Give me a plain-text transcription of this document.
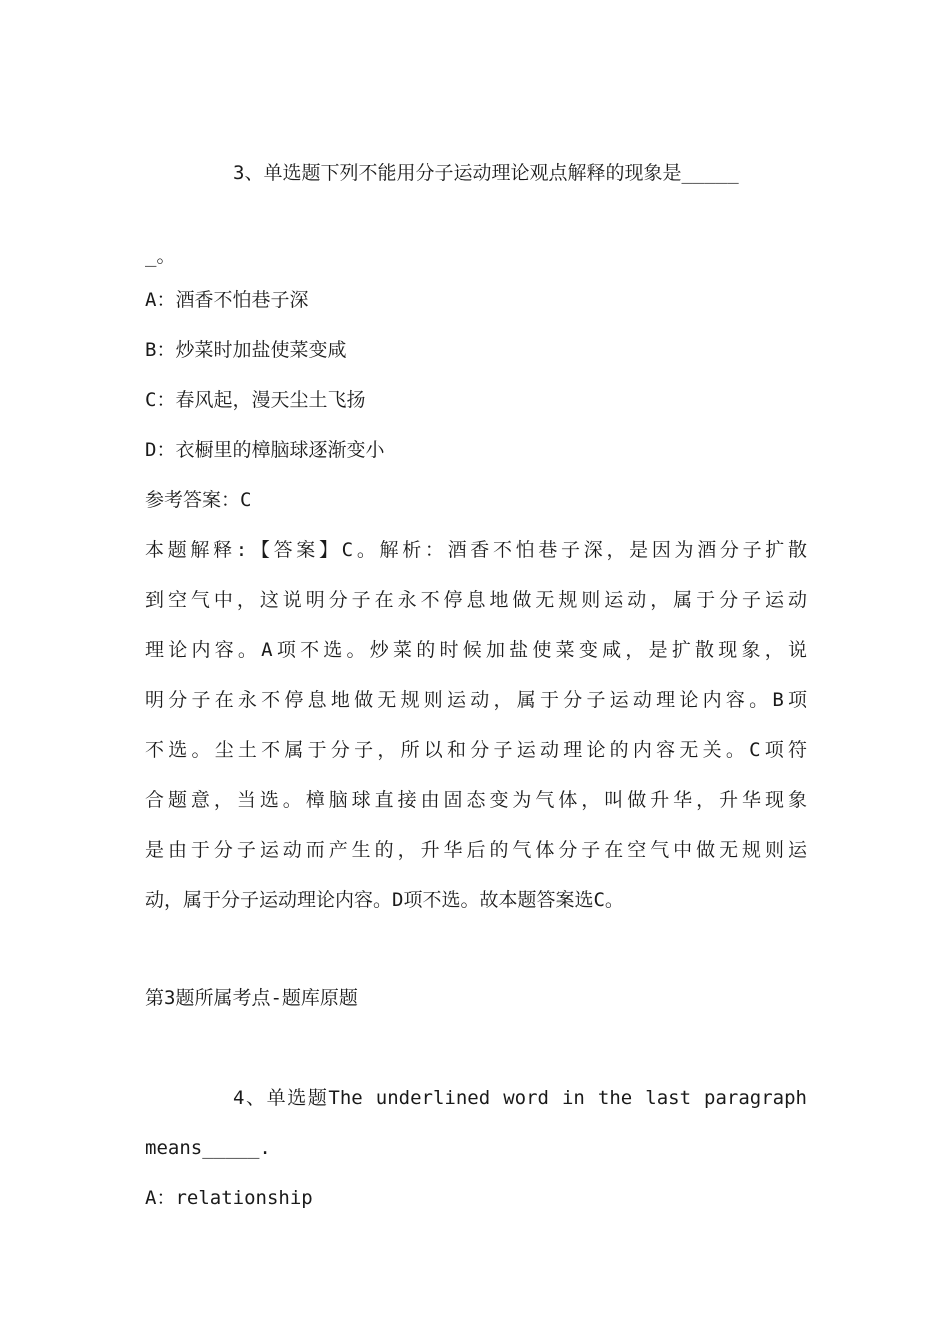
3、单选题下列不能用分子运动理论观点解释的现象是_____
_。
A：酒香不怕巷子深
B：炒菜时加盐使菜变咸
C：春风起，漫天尘土飞扬
D：衣橱里的樟脑球逐渐变小
参考答案：C
本题解释:【答案】C。解析：酒香不怕巷子深，是因为酒分子扩散
到空气中，这说明分子在永不停息地做无规则运动，属于分子运动
理论内容。A项不选。炒菜的时候加盐使菜变咸，是扩散现象，说
明分子在永不停息地做无规则运动，属于分子运动理论内容。B项
不选。尘土不属于分子，所以和分子运动理论的内容无关。C项符
合题意，当选。樟脑球直接由固态变为气体，叫做升华，升华现象
是由于分子运动而产生的，升华后的气体分子在空气中做无规则运
动，属于分子运动理论内容。D项不选。故本题答案选C。
第3题所属考点-题库原题
4、单选题The underlined word in the last paragraph
means_____.
A：relationship
